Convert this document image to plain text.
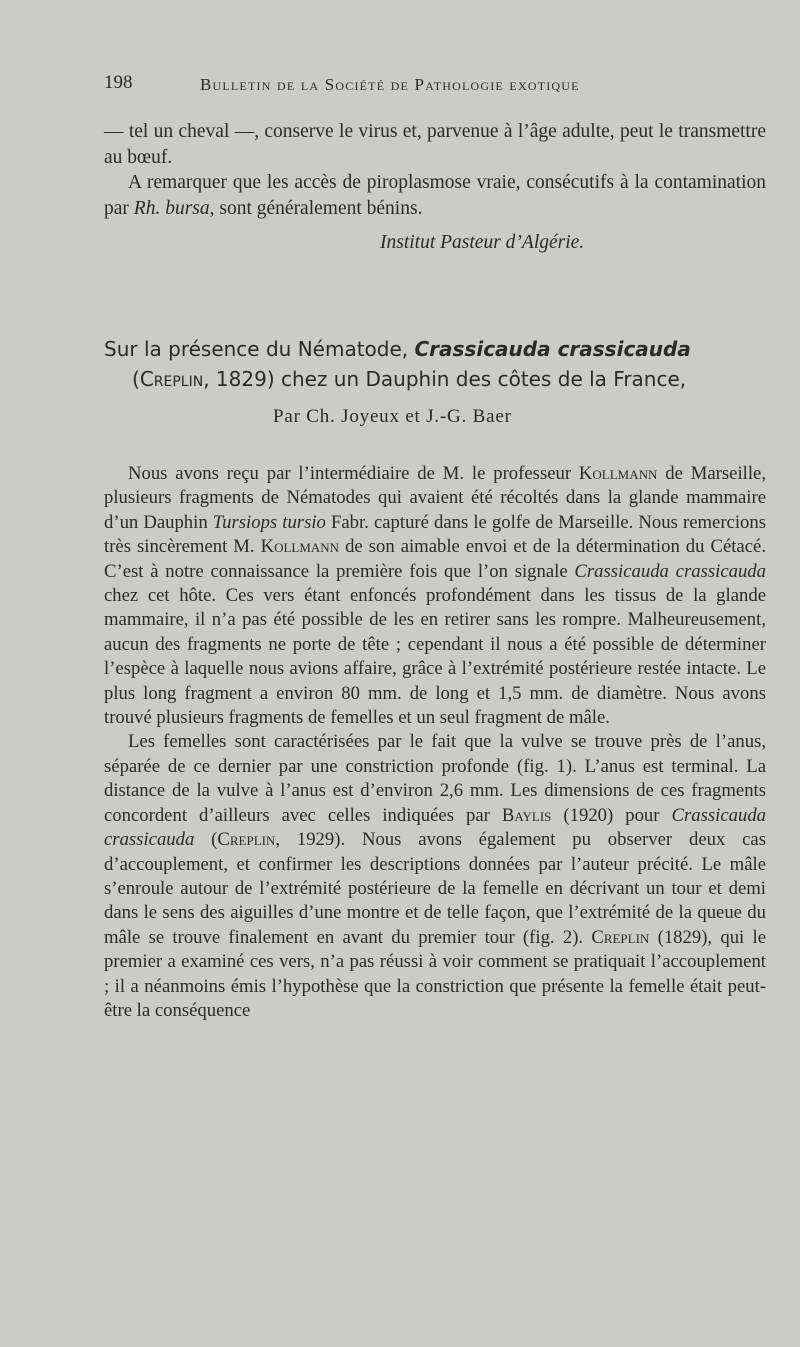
198	Bulletin de la Société de Pathologie exotique

— tel un cheval —, conserve le virus et, parvenue à l’âge adulte, peut le transmettre au bœuf.

A remarquer que les accès de piroplasmose vraie, consécutifs à la contamination par Rh. bursa, sont généralement bénins.

Institut Pasteur d’Algérie.
Sur la présence du Nématode, Crassicauda crassicauda
(Creplin, 1829) chez un Dauphin des côtes de la France,
Par Ch. Joyeux et J.-G. Baer

Nous avons reçu par l’intermédiaire de M. le professeur Kollmann de Marseille, plusieurs fragments de Nématodes qui avaient été récoltés dans la glande mammaire d’un Dauphin Tursiops tursio Fabr. capturé dans le golfe de Marseille. Nous remercions très sincèrement M. Kollmann de son aimable envoi et de la détermination du Cétacé. C’est à notre connaissance la première fois que l’on signale Crassicauda crassicauda chez cet hôte. Ces vers étant enfoncés profondément dans les tissus de la glande mammaire, il n’a pas été possible de les en retirer sans les rompre. Malheureusement, aucun des fragments ne porte de tête ; cependant il nous a été possible de déterminer l’espèce à laquelle nous avions affaire, grâce à l’extrémité postérieure restée intacte. Le plus long fragment a environ 80 mm. de long et 1,5 mm. de diamètre. Nous avons trouvé plusieurs fragments de femelles et un seul fragment de mâle.

Les femelles sont caractérisées par le fait que la vulve se trouve près de l’anus, séparée de ce dernier par une constriction profonde (fig. 1). L’anus est terminal. La distance de la vulve à l’anus est d’environ 2,6 mm. Les dimensions de ces fragments concordent d’ailleurs avec celles indiquées par Baylis (1920) pour Crassicauda crassicauda (Creplin, 1929). Nous avons également pu observer deux cas d’accouplement, et confirmer les descriptions données par l’auteur précité. Le mâle s’enroule autour de l’extrémité postérieure de la femelle en décrivant un tour et demi dans le sens des aiguilles d’une montre et de telle façon, que l’extrémité de la queue du mâle se trouve finalement en avant du premier tour (fig. 2). Creplin (1829), qui le premier a examiné ces vers, n’a pas réussi à voir comment se pratiquait l’accouplement ; il a néanmoins émis l’hypothèse que la constriction que présente la femelle était peut-être la conséquence
